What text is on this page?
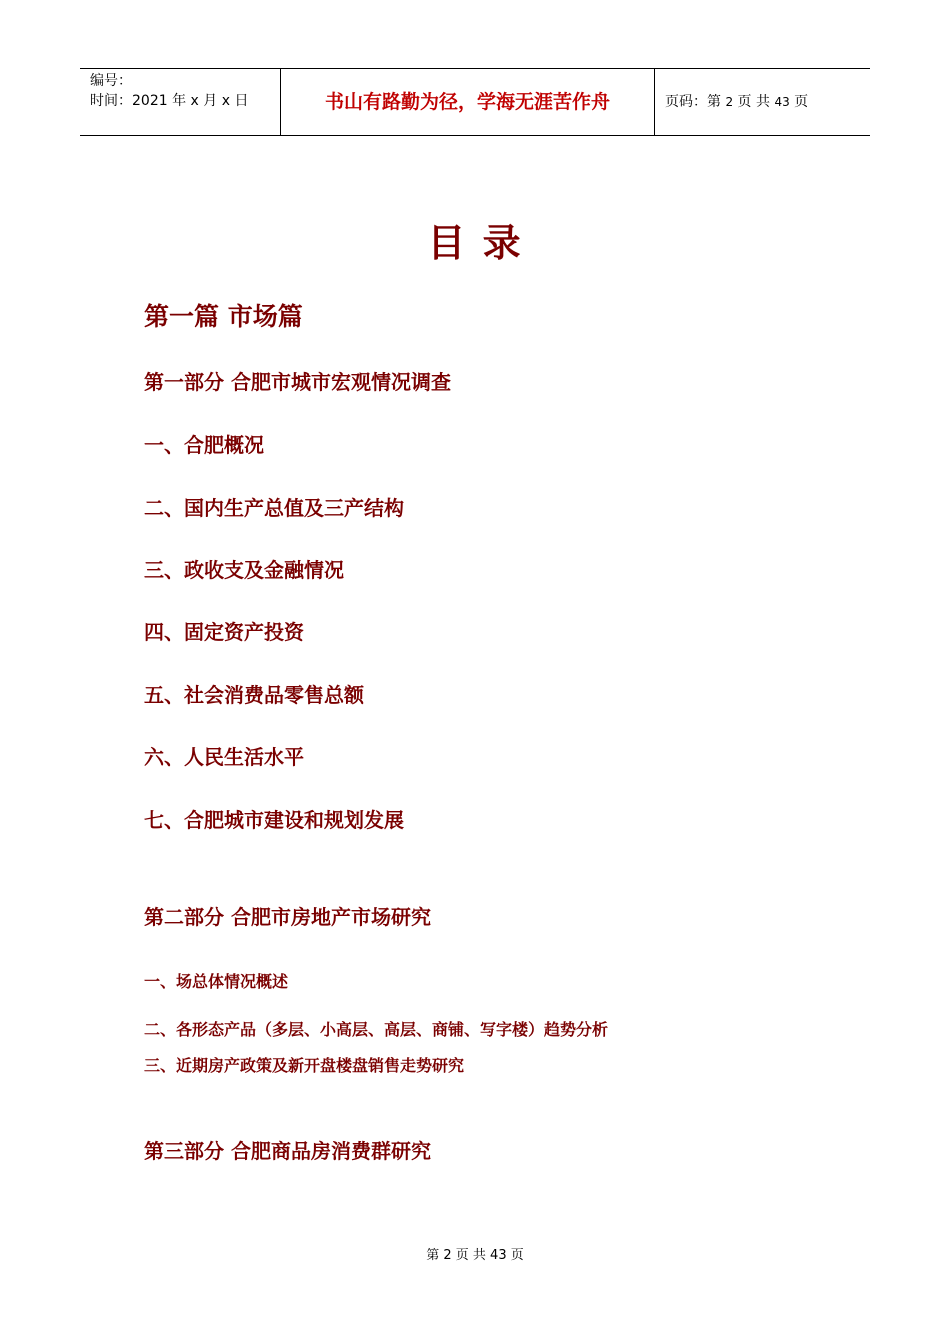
编号：
时间：2021 年 x 月 x 日	书山有路勤为径，学海无涯苦作舟	页码：第 2 页 共 43 页
目 录
第一篇 市场篇
第一部分 合肥市城市宏观情况调查
一、合肥概况
二、国内生产总值及三产结构
三、政收支及金融情况
四、固定资产投资
五、社会消费品零售总额
六、人民生活水平
七、合肥城市建设和规划发展
第二部分 合肥市房地产市场研究
一、场总体情况概述
二、各形态产品（多层、小高层、高层、商铺、写字楼）趋势分析
三、近期房产政策及新开盘楼盘销售走势研究
第三部分 合肥商品房消费群研究
第 2 页 共 43 页
